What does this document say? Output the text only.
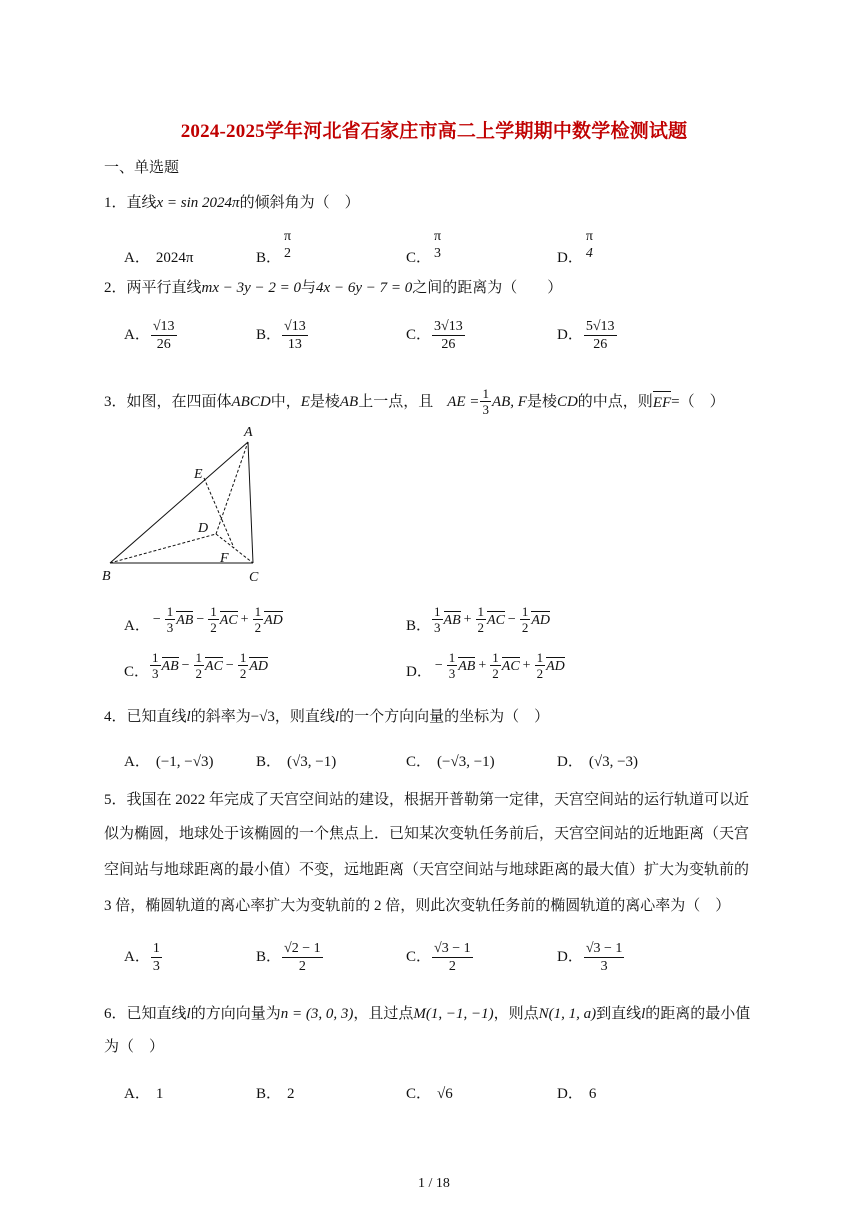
2024-2025学年河北省石家庄市高二上学期期中数学检测试题
一、单选题
1．直线x = sin 2024π的倾斜角为（　）
A． 2024π	B．
π
2	C．
π
3	D．
π
4
2．两平行直线mx − 3y − 2 = 0与4x − 6y − 7 = 0之间的距离为（　　）
A． $\frac{√13}{26}$	B． $\frac{√13}{13}$	C． $\frac{3√13}{26}$	D． $\frac{5√13}{26}$
3．如图，在四面体 ABCD 中， E 是棱 AB 上一点，且 AE = $\frac{1}{3}$ AB, F 是棱 CD 的中点，则 EF =（　）
A
B	C
D
E
F
A． − $\frac{1}{3}$ AB − $\frac{1}{2}$ AC + $\frac{1}{2}$ AD	B． $\frac{1}{3}$ AB + $\frac{1}{2}$ AC − $\frac{1}{2}$ AD
C． $\frac{1}{3}$ AB − $\frac{1}{2}$ AC − $\frac{1}{2}$ AD	D． − $\frac{1}{3}$ AB + $\frac{1}{2}$ AC + $\frac{1}{2}$ AD
4．已知直线l的斜率为−√3，则直线l的一个方向向量的坐标为（　）
A． (−1, −√3)	B． (√3, −1)	C． (−√3, −1)	D． (√3, −3)
5．我国在 2022 年完成了天宫空间站的建设，根据开普勒第一定律，天宫空间站的运行轨道可以近
似为椭圆，地球处于该椭圆的一个焦点上．已知某次变轨任务前后，天宫空间站的近地距离（天宫
空间站与地球距离的最小值）不变，远地距离（天宫空间站与地球距离的最大值）扩大为变轨前的
3 倍，椭圆轨道的离心率扩大为变轨前的 2 倍，则此次变轨任务前的椭圆轨道的离心率为（　）
A． $\frac{1}{3}$	B． $\frac{√2 - 1}{2}$	C． $\frac{√3 - 1}{2}$	D． $\frac{√3 - 1}{3}$
6．已知直线l的方向向量为n = (3, 0, 3)，且过点M(1, −1, −1)，则点N(1, 1, a)到直线l的距离的最小值
为（　）
A． 1	B． 2	C． √6	D． 6
1 / 18
